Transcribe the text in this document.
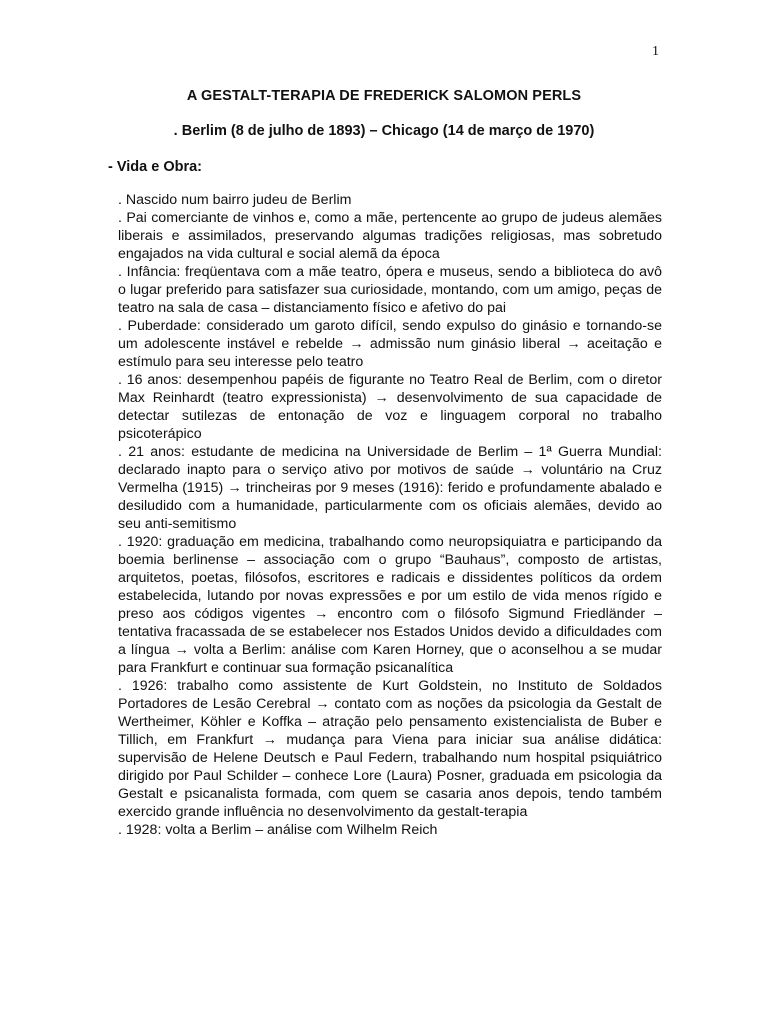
1
A GESTALT-TERAPIA DE FREDERICK SALOMON PERLS
. Berlim (8 de julho de 1893) – Chicago (14 de março de 1970)
- Vida e Obra:

. Nascido num bairro judeu de Berlim

. Pai comerciante de vinhos e, como a mãe, pertencente ao grupo de judeus alemães liberais e assimilados, preservando algumas tradições religiosas, mas sobretudo engajados na vida cultural e social alemã da época

. Infância: freqüentava com a mãe teatro, ópera e museus, sendo a biblioteca do avô o lugar preferido para satisfazer sua curiosidade, montando, com um amigo, peças de teatro na sala de casa – distanciamento físico e afetivo do pai

. Puberdade: considerado um garoto difícil, sendo expulso do ginásio e tornando-se um adolescente instável e rebelde → admissão num ginásio liberal → aceitação e estímulo para seu interesse pelo teatro

. 16 anos: desempenhou papéis de figurante no Teatro Real de Berlim, com o diretor Max Reinhardt (teatro expressionista) → desenvolvimento de sua capacidade de detectar sutilezas de entonação de voz e linguagem corporal no trabalho psicoterápico

. 21 anos: estudante de medicina na Universidade de Berlim – 1ª Guerra Mundial: declarado inapto para o serviço ativo por motivos de saúde → voluntário na Cruz Vermelha (1915) → trincheiras por 9 meses (1916): ferido e profundamente abalado e desiludido com a humanidade, particularmente com os oficiais alemães, devido ao seu anti-semitismo

. 1920: graduação em medicina, trabalhando como neuropsiquiatra e participando da boemia berlinense – associação com o grupo “Bauhaus”, composto de artistas, arquitetos, poetas, filósofos, escritores e radicais e dissidentes políticos da ordem estabelecida, lutando por novas expressões e por um estilo de vida menos rígido e preso aos códigos vigentes → encontro com o filósofo Sigmund Friedländer – tentativa fracassada de se estabelecer nos Estados Unidos devido a dificuldades com a língua → volta a Berlim: análise com Karen Horney, que o aconselhou a se mudar para Frankfurt e continuar sua formação psicanalítica

. 1926: trabalho como assistente de Kurt Goldstein, no Instituto de Soldados Portadores de Lesão Cerebral → contato com as noções da psicologia da Gestalt de Wertheimer, Köhler e Koffka – atração pelo pensamento existencialista de Buber e Tillich, em Frankfurt → mudança para Viena para iniciar sua análise didática: supervisão de Helene Deutsch e Paul Federn, trabalhando num hospital psiquiátrico dirigido por Paul Schilder – conhece Lore (Laura) Posner, graduada em psicologia da Gestalt e psicanalista formada, com quem se casaria anos depois, tendo também exercido grande influência no desenvolvimento da gestalt-terapia

. 1928: volta a Berlim – análise com Wilhelm Reich
